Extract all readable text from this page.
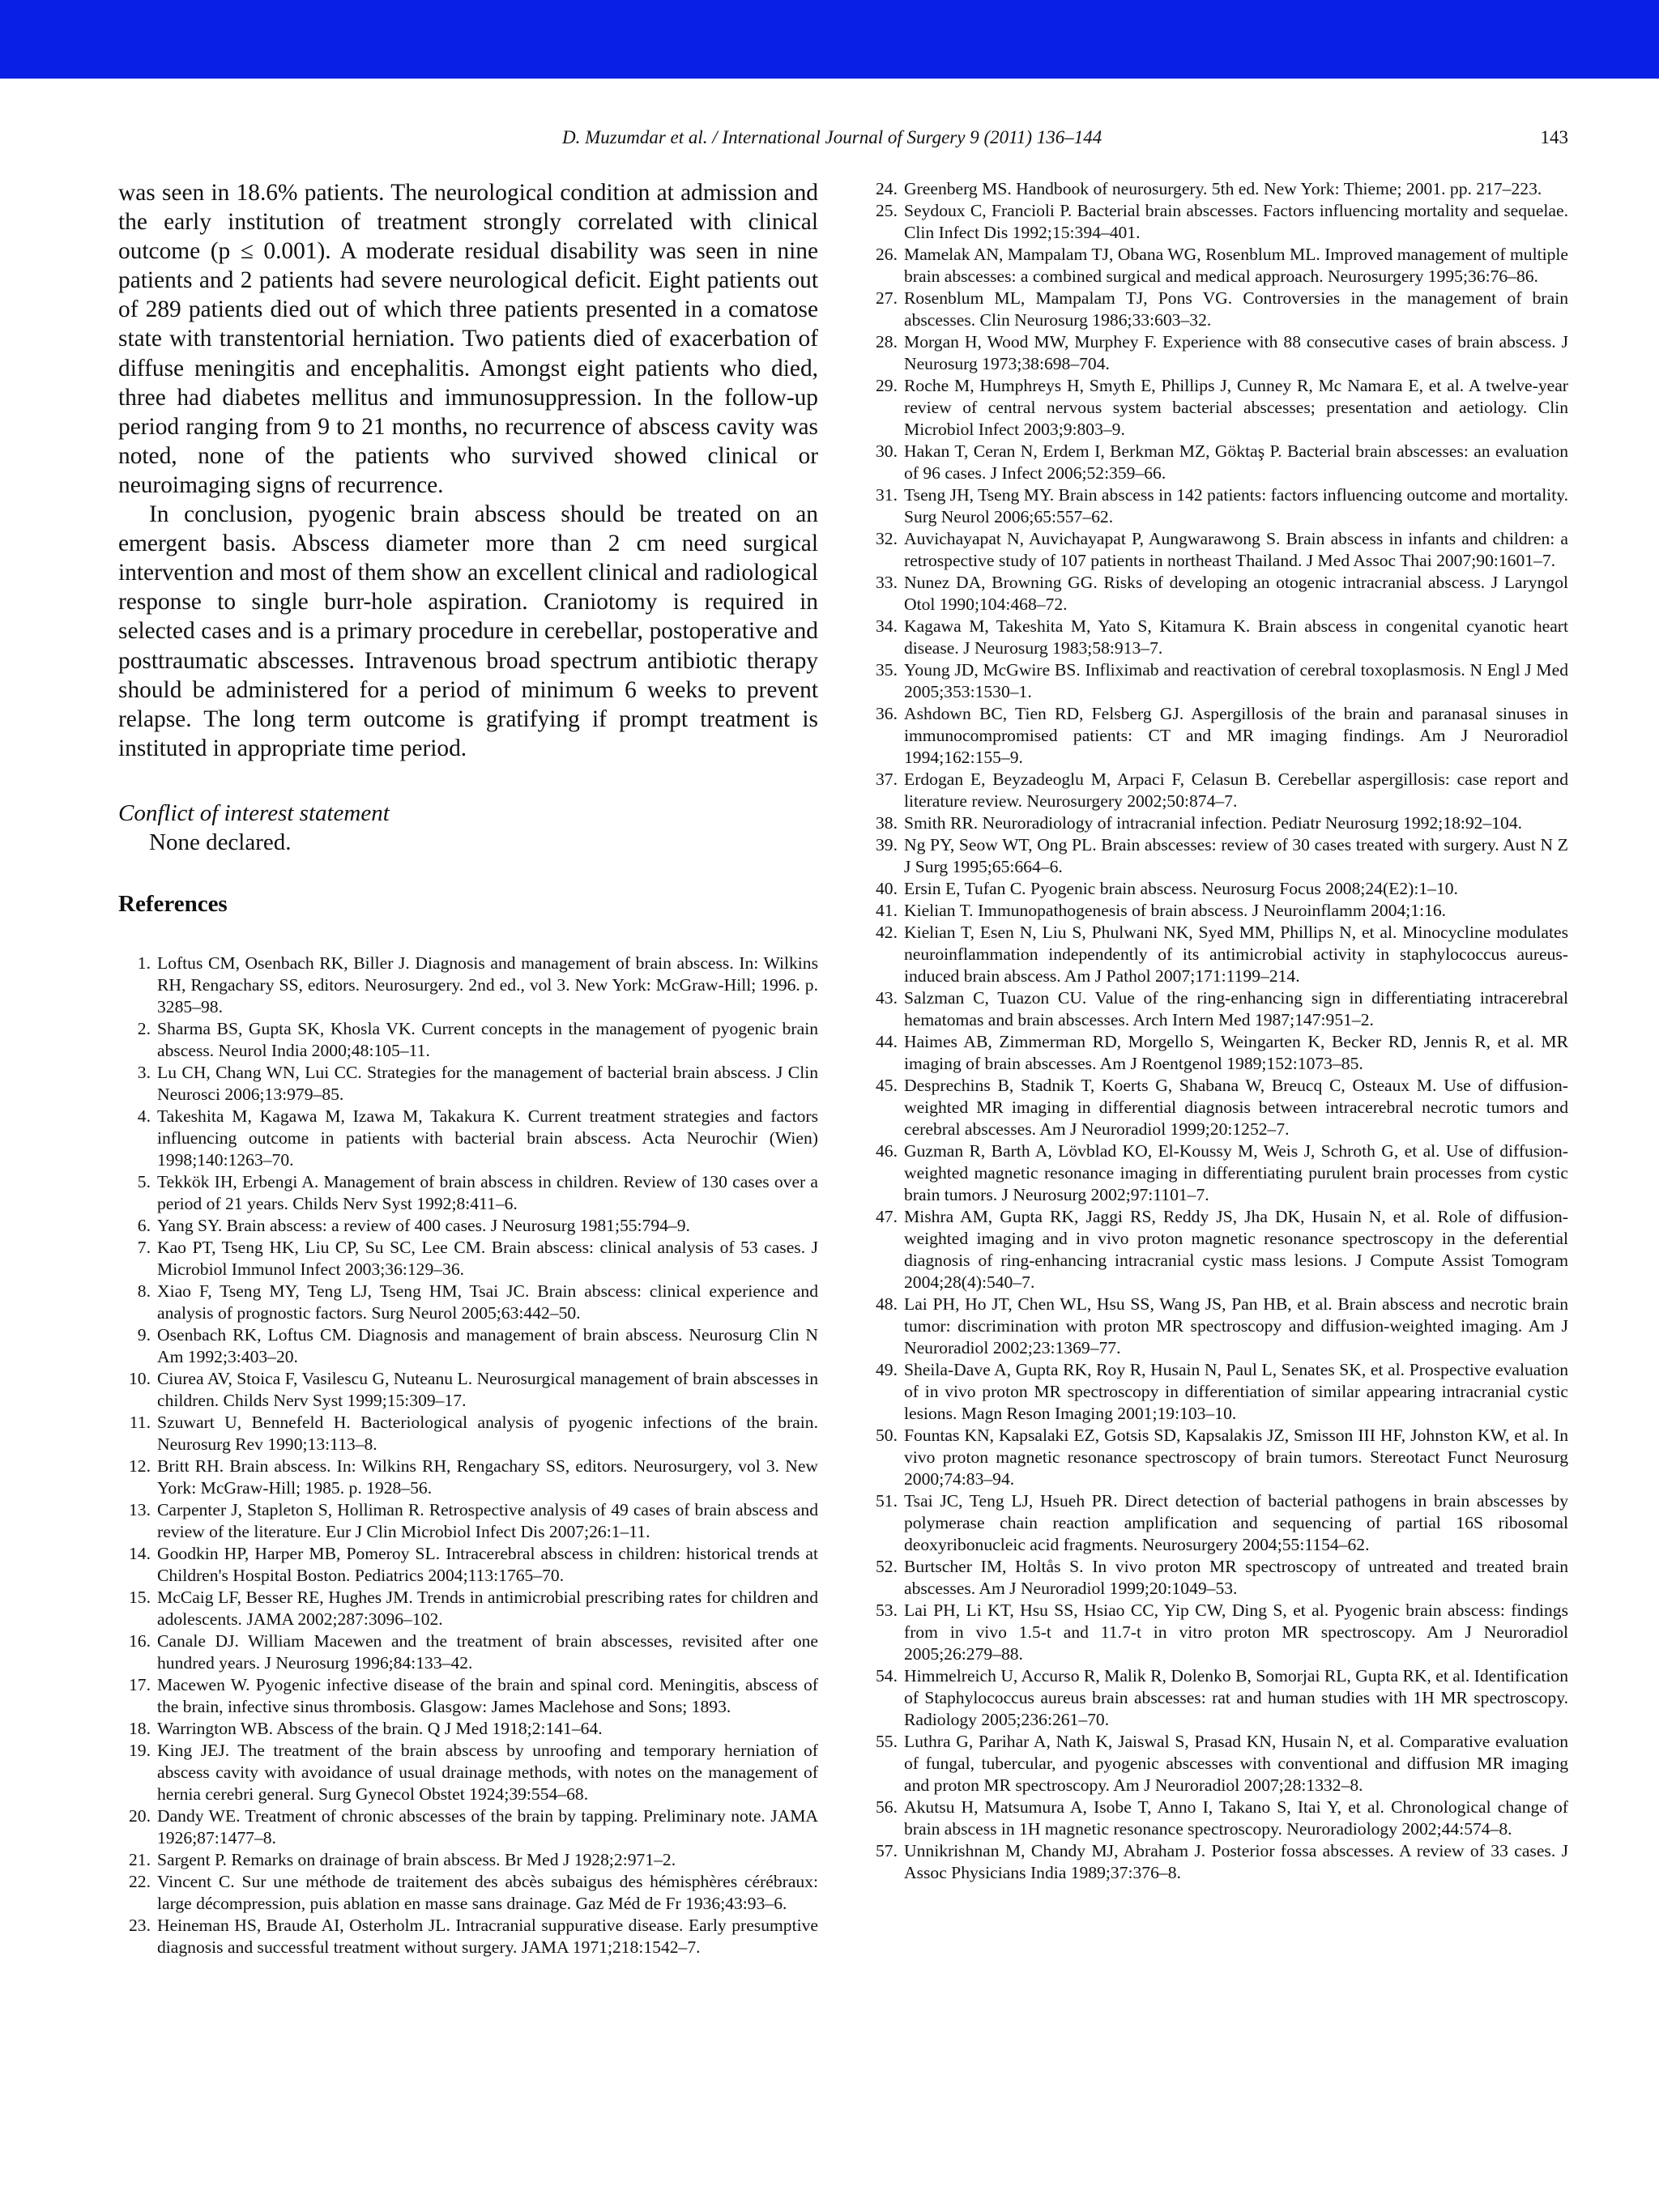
D. Muzumdar et al. / International Journal of Surgery 9 (2011) 136–144	143

was seen in 18.6% patients. The neurological condition at admission and the early institution of treatment strongly correlated with clinical outcome (p ≤ 0.001). A moderate residual disability was seen in nine patients and 2 patients had severe neurological deficit. Eight patients out of 289 patients died out of which three patients presented in a comatose state with transtentorial herniation. Two patients died of exacerbation of diffuse meningitis and encephalitis. Amongst eight patients who died, three had diabetes mellitus and immunosuppression. In the follow-up period ranging from 9 to 21 months, no recurrence of abscess cavity was noted, none of the patients who survived showed clinical or neuroimaging signs of recurrence.

In conclusion, pyogenic brain abscess should be treated on an emergent basis. Abscess diameter more than 2 cm need surgical intervention and most of them show an excellent clinical and radiological response to single burr-hole aspiration. Craniotomy is required in selected cases and is a primary procedure in cerebellar, postoperative and posttraumatic abscesses. Intravenous broad spectrum antibiotic therapy should be administered for a period of minimum 6 weeks to prevent relapse. The long term outcome is gratifying if prompt treatment is instituted in appropriate time period.

Conflict of interest statement
None declared.
References
1. Loftus CM, Osenbach RK, Biller J. Diagnosis and management of brain abscess. In: Wilkins RH, Rengachary SS, editors. Neurosurgery. 2nd ed., vol 3. New York: McGraw-Hill; 1996. p. 3285–98.
2. Sharma BS, Gupta SK, Khosla VK. Current concepts in the management of pyogenic brain abscess. Neurol India 2000;48:105–11.
3. Lu CH, Chang WN, Lui CC. Strategies for the management of bacterial brain abscess. J Clin Neurosci 2006;13:979–85.
4. Takeshita M, Kagawa M, Izawa M, Takakura K. Current treatment strategies and factors influencing outcome in patients with bacterial brain abscess. Acta Neurochir (Wien) 1998;140:1263–70.
5. Tekkök IH, Erbengi A. Management of brain abscess in children. Review of 130 cases over a period of 21 years. Childs Nerv Syst 1992;8:411–6.
6. Yang SY. Brain abscess: a review of 400 cases. J Neurosurg 1981;55:794–9.
7. Kao PT, Tseng HK, Liu CP, Su SC, Lee CM. Brain abscess: clinical analysis of 53 cases. J Microbiol Immunol Infect 2003;36:129–36.
8. Xiao F, Tseng MY, Teng LJ, Tseng HM, Tsai JC. Brain abscess: clinical experience and analysis of prognostic factors. Surg Neurol 2005;63:442–50.
9. Osenbach RK, Loftus CM. Diagnosis and management of brain abscess. Neurosurg Clin N Am 1992;3:403–20.
10. Ciurea AV, Stoica F, Vasilescu G, Nuteanu L. Neurosurgical management of brain abscesses in children. Childs Nerv Syst 1999;15:309–17.
11. Szuwart U, Bennefeld H. Bacteriological analysis of pyogenic infections of the brain. Neurosurg Rev 1990;13:113–8.
12. Britt RH. Brain abscess. In: Wilkins RH, Rengachary SS, editors. Neurosurgery, vol 3. New York: McGraw-Hill; 1985. p. 1928–56.
13. Carpenter J, Stapleton S, Holliman R. Retrospective analysis of 49 cases of brain abscess and review of the literature. Eur J Clin Microbiol Infect Dis 2007;26:1–11.
14. Goodkin HP, Harper MB, Pomeroy SL. Intracerebral abscess in children: historical trends at Children's Hospital Boston. Pediatrics 2004;113:1765–70.
15. McCaig LF, Besser RE, Hughes JM. Trends in antimicrobial prescribing rates for children and adolescents. JAMA 2002;287:3096–102.
16. Canale DJ. William Macewen and the treatment of brain abscesses, revisited after one hundred years. J Neurosurg 1996;84:133–42.
17. Macewen W. Pyogenic infective disease of the brain and spinal cord. Meningitis, abscess of the brain, infective sinus thrombosis. Glasgow: James Maclehose and Sons; 1893.
18. Warrington WB. Abscess of the brain. Q J Med 1918;2:141–64.
19. King JEJ. The treatment of the brain abscess by unroofing and temporary herniation of abscess cavity with avoidance of usual drainage methods, with notes on the management of hernia cerebri general. Surg Gynecol Obstet 1924;39:554–68.
20. Dandy WE. Treatment of chronic abscesses of the brain by tapping. Preliminary note. JAMA 1926;87:1477–8.
21. Sargent P. Remarks on drainage of brain abscess. Br Med J 1928;2:971–2.
22. Vincent C. Sur une méthode de traitement des abcès subaigus des hémisphères cérébraux: large décompression, puis ablation en masse sans drainage. Gaz Méd de Fr 1936;43:93–6.
23. Heineman HS, Braude AI, Osterholm JL. Intracranial suppurative disease. Early presumptive diagnosis and successful treatment without surgery. JAMA 1971;218:1542–7.
24. Greenberg MS. Handbook of neurosurgery. 5th ed. New York: Thieme; 2001. pp. 217–223.
25. Seydoux C, Francioli P. Bacterial brain abscesses. Factors influencing mortality and sequelae. Clin Infect Dis 1992;15:394–401.
26. Mamelak AN, Mampalam TJ, Obana WG, Rosenblum ML. Improved management of multiple brain abscesses: a combined surgical and medical approach. Neurosurgery 1995;36:76–86.
27. Rosenblum ML, Mampalam TJ, Pons VG. Controversies in the management of brain abscesses. Clin Neurosurg 1986;33:603–32.
28. Morgan H, Wood MW, Murphey F. Experience with 88 consecutive cases of brain abscess. J Neurosurg 1973;38:698–704.
29. Roche M, Humphreys H, Smyth E, Phillips J, Cunney R, Mc Namara E, et al. A twelve-year review of central nervous system bacterial abscesses; presentation and aetiology. Clin Microbiol Infect 2003;9:803–9.
30. Hakan T, Ceran N, Erdem I, Berkman MZ, Göktaş P. Bacterial brain abscesses: an evaluation of 96 cases. J Infect 2006;52:359–66.
31. Tseng JH, Tseng MY. Brain abscess in 142 patients: factors influencing outcome and mortality. Surg Neurol 2006;65:557–62.
32. Auvichayapat N, Auvichayapat P, Aungwarawong S. Brain abscess in infants and children: a retrospective study of 107 patients in northeast Thailand. J Med Assoc Thai 2007;90:1601–7.
33. Nunez DA, Browning GG. Risks of developing an otogenic intracranial abscess. J Laryngol Otol 1990;104:468–72.
34. Kagawa M, Takeshita M, Yato S, Kitamura K. Brain abscess in congenital cyanotic heart disease. J Neurosurg 1983;58:913–7.
35. Young JD, McGwire BS. Infliximab and reactivation of cerebral toxoplasmosis. N Engl J Med 2005;353:1530–1.
36. Ashdown BC, Tien RD, Felsberg GJ. Aspergillosis of the brain and paranasal sinuses in immunocompromised patients: CT and MR imaging findings. Am J Neuroradiol 1994;162:155–9.
37. Erdogan E, Beyzadeoglu M, Arpaci F, Celasun B. Cerebellar aspergillosis: case report and literature review. Neurosurgery 2002;50:874–7.
38. Smith RR. Neuroradiology of intracranial infection. Pediatr Neurosurg 1992;18:92–104.
39. Ng PY, Seow WT, Ong PL. Brain abscesses: review of 30 cases treated with surgery. Aust N Z J Surg 1995;65:664–6.
40. Ersin E, Tufan C. Pyogenic brain abscess. Neurosurg Focus 2008;24(E2):1–10.
41. Kielian T. Immunopathogenesis of brain abscess. J Neuroinflamm 2004;1:16.
42. Kielian T, Esen N, Liu S, Phulwani NK, Syed MM, Phillips N, et al. Minocycline modulates neuroinflammation independently of its antimicrobial activity in staphylococcus aureus-induced brain abscess. Am J Pathol 2007;171:1199–214.
43. Salzman C, Tuazon CU. Value of the ring-enhancing sign in differentiating intracerebral hematomas and brain abscesses. Arch Intern Med 1987;147:951–2.
44. Haimes AB, Zimmerman RD, Morgello S, Weingarten K, Becker RD, Jennis R, et al. MR imaging of brain abscesses. Am J Roentgenol 1989;152:1073–85.
45. Desprechins B, Stadnik T, Koerts G, Shabana W, Breucq C, Osteaux M. Use of diffusion-weighted MR imaging in differential diagnosis between intracerebral necrotic tumors and cerebral abscesses. Am J Neuroradiol 1999;20:1252–7.
46. Guzman R, Barth A, Lövblad KO, El-Koussy M, Weis J, Schroth G, et al. Use of diffusion-weighted magnetic resonance imaging in differentiating purulent brain processes from cystic brain tumors. J Neurosurg 2002;97:1101–7.
47. Mishra AM, Gupta RK, Jaggi RS, Reddy JS, Jha DK, Husain N, et al. Role of diffusion-weighted imaging and in vivo proton magnetic resonance spectroscopy in the deferential diagnosis of ring-enhancing intracranial cystic mass lesions. J Compute Assist Tomogram 2004;28(4):540–7.
48. Lai PH, Ho JT, Chen WL, Hsu SS, Wang JS, Pan HB, et al. Brain abscess and necrotic brain tumor: discrimination with proton MR spectroscopy and diffusion-weighted imaging. Am J Neuroradiol 2002;23:1369–77.
49. Sheila-Dave A, Gupta RK, Roy R, Husain N, Paul L, Senates SK, et al. Prospective evaluation of in vivo proton MR spectroscopy in differentiation of similar appearing intracranial cystic lesions. Magn Reson Imaging 2001;19:103–10.
50. Fountas KN, Kapsalaki EZ, Gotsis SD, Kapsalakis JZ, Smisson III HF, Johnston KW, et al. In vivo proton magnetic resonance spectroscopy of brain tumors. Stereotact Funct Neurosurg 2000;74:83–94.
51. Tsai JC, Teng LJ, Hsueh PR. Direct detection of bacterial pathogens in brain abscesses by polymerase chain reaction amplification and sequencing of partial 16S ribosomal deoxyribonucleic acid fragments. Neurosurgery 2004;55:1154–62.
52. Burtscher IM, Holtås S. In vivo proton MR spectroscopy of untreated and treated brain abscesses. Am J Neuroradiol 1999;20:1049–53.
53. Lai PH, Li KT, Hsu SS, Hsiao CC, Yip CW, Ding S, et al. Pyogenic brain abscess: findings from in vivo 1.5-t and 11.7-t in vitro proton MR spectroscopy. Am J Neuroradiol 2005;26:279–88.
54. Himmelreich U, Accurso R, Malik R, Dolenko B, Somorjai RL, Gupta RK, et al. Identification of Staphylococcus aureus brain abscesses: rat and human studies with 1H MR spectroscopy. Radiology 2005;236:261–70.
55. Luthra G, Parihar A, Nath K, Jaiswal S, Prasad KN, Husain N, et al. Comparative evaluation of fungal, tubercular, and pyogenic abscesses with conventional and diffusion MR imaging and proton MR spectroscopy. Am J Neuroradiol 2007;28:1332–8.
56. Akutsu H, Matsumura A, Isobe T, Anno I, Takano S, Itai Y, et al. Chronological change of brain abscess in 1H magnetic resonance spectroscopy. Neuroradiology 2002;44:574–8.
57. Unnikrishnan M, Chandy MJ, Abraham J. Posterior fossa abscesses. A review of 33 cases. J Assoc Physicians India 1989;37:376–8.
